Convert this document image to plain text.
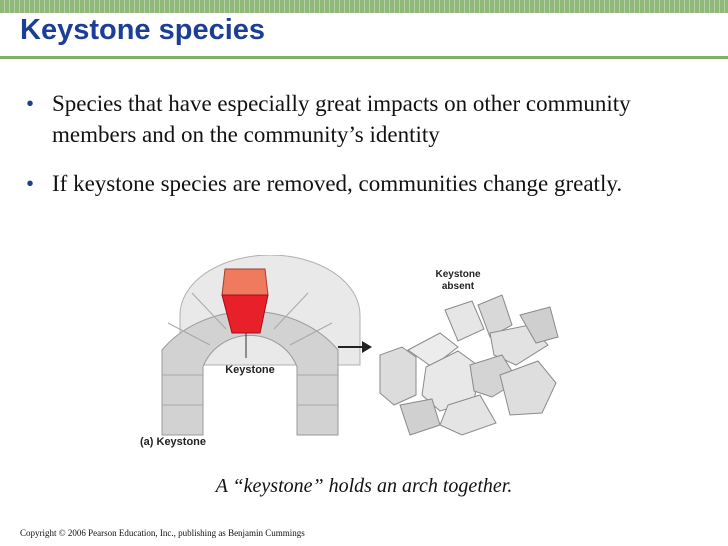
Keystone species
• Species that have especially great impacts on other community members and on the community’s identity
• If keystone species are removed, communities change greatly.
Keystone
Keystone
absent
(a) Keystone
A “keystone” holds an arch together.
Copyright © 2006 Pearson Education, Inc., publishing as Benjamin Cummings
